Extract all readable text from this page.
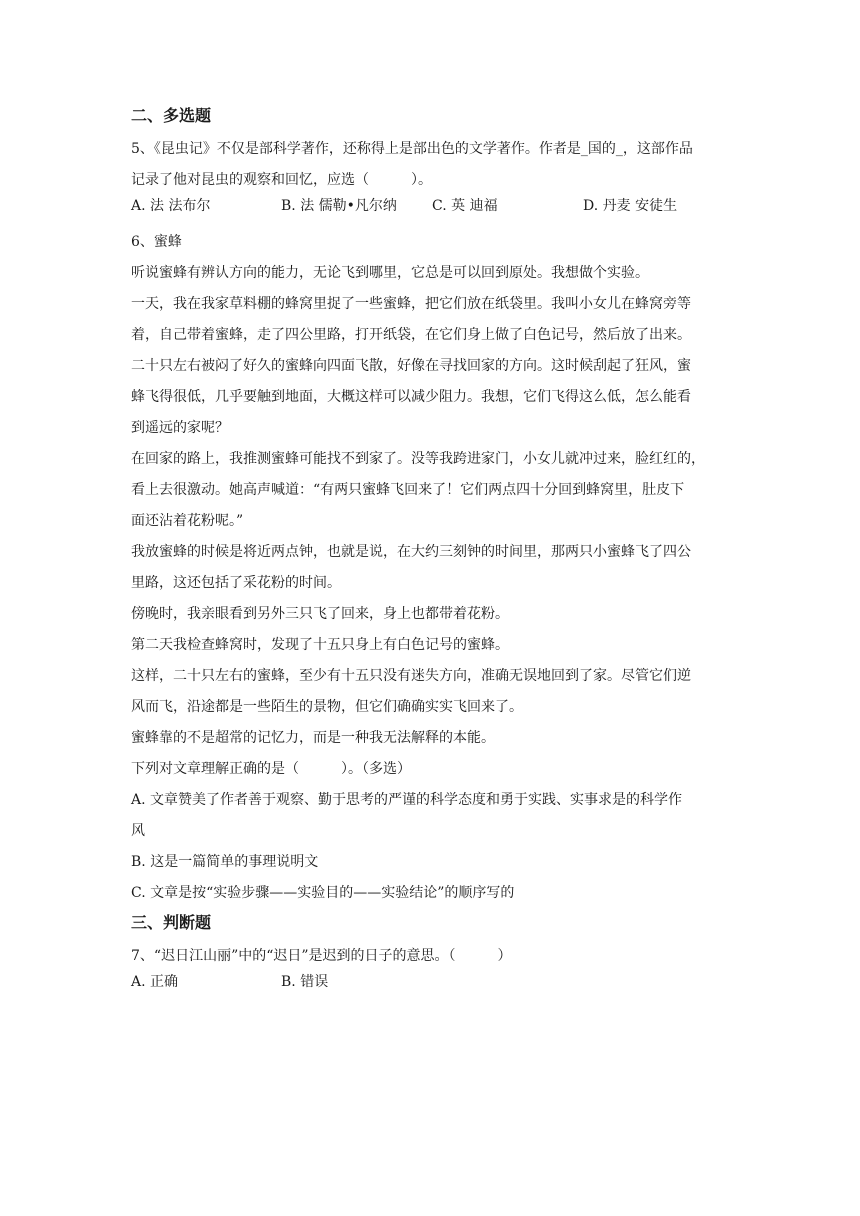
二、多选题

5、《昆虫记》不仅是部科学著作，还称得上是部出色的文学著作。作者是_国的_，这部作品

记录了他对昆虫的观察和回忆，应选（　　　）。

A. 法 法布尔	B. 法 儒勒•凡尔纳	C. 英 迪福	D. 丹麦 安徒生

6、蜜蜂

听说蜜蜂有辨认方向的能力，无论飞到哪里，它总是可以回到原处。我想做个实验。

一天，我在我家草料棚的蜂窝里捉了一些蜜蜂，把它们放在纸袋里。我叫小女儿在蜂窝旁等

着，自己带着蜜蜂，走了四公里路，打开纸袋，在它们身上做了白色记号，然后放了出来。

二十只左右被闷了好久的蜜蜂向四面飞散，好像在寻找回家的方向。这时候刮起了狂风，蜜

蜂飞得很低，几乎要触到地面，大概这样可以减少阻力。我想，它们飞得这么低，怎么能看

到遥远的家呢？

在回家的路上，我推测蜜蜂可能找不到家了。没等我跨进家门，小女儿就冲过来，脸红红的，

看上去很激动。她高声喊道：“有两只蜜蜂飞回来了！它们两点四十分回到蜂窝里，肚皮下

面还沾着花粉呢。”

我放蜜蜂的时候是将近两点钟，也就是说，在大约三刻钟的时间里，那两只小蜜蜂飞了四公

里路，这还包括了采花粉的时间。

傍晚时，我亲眼看到另外三只飞了回来，身上也都带着花粉。

第二天我检查蜂窝时，发现了十五只身上有白色记号的蜜蜂。

这样，二十只左右的蜜蜂，至少有十五只没有迷失方向，准确无误地回到了家。尽管它们逆

风而飞，沿途都是一些陌生的景物，但它们确确实实飞回来了。

蜜蜂靠的不是超常的记忆力，而是一种我无法解释的本能。

下列对文章理解正确的是（　　　）。（多选）

A. 文章赞美了作者善于观察、勤于思考的严谨的科学态度和勇于实践、实事求是的科学作

风

B. 这是一篇简单的事理说明文

C. 文章是按“实验步骤——实验目的——实验结论”的顺序写的

三、判断题

7、“迟日江山丽”中的“迟日”是迟到的日子的意思。（　　　）

A. 正确	B. 错误
